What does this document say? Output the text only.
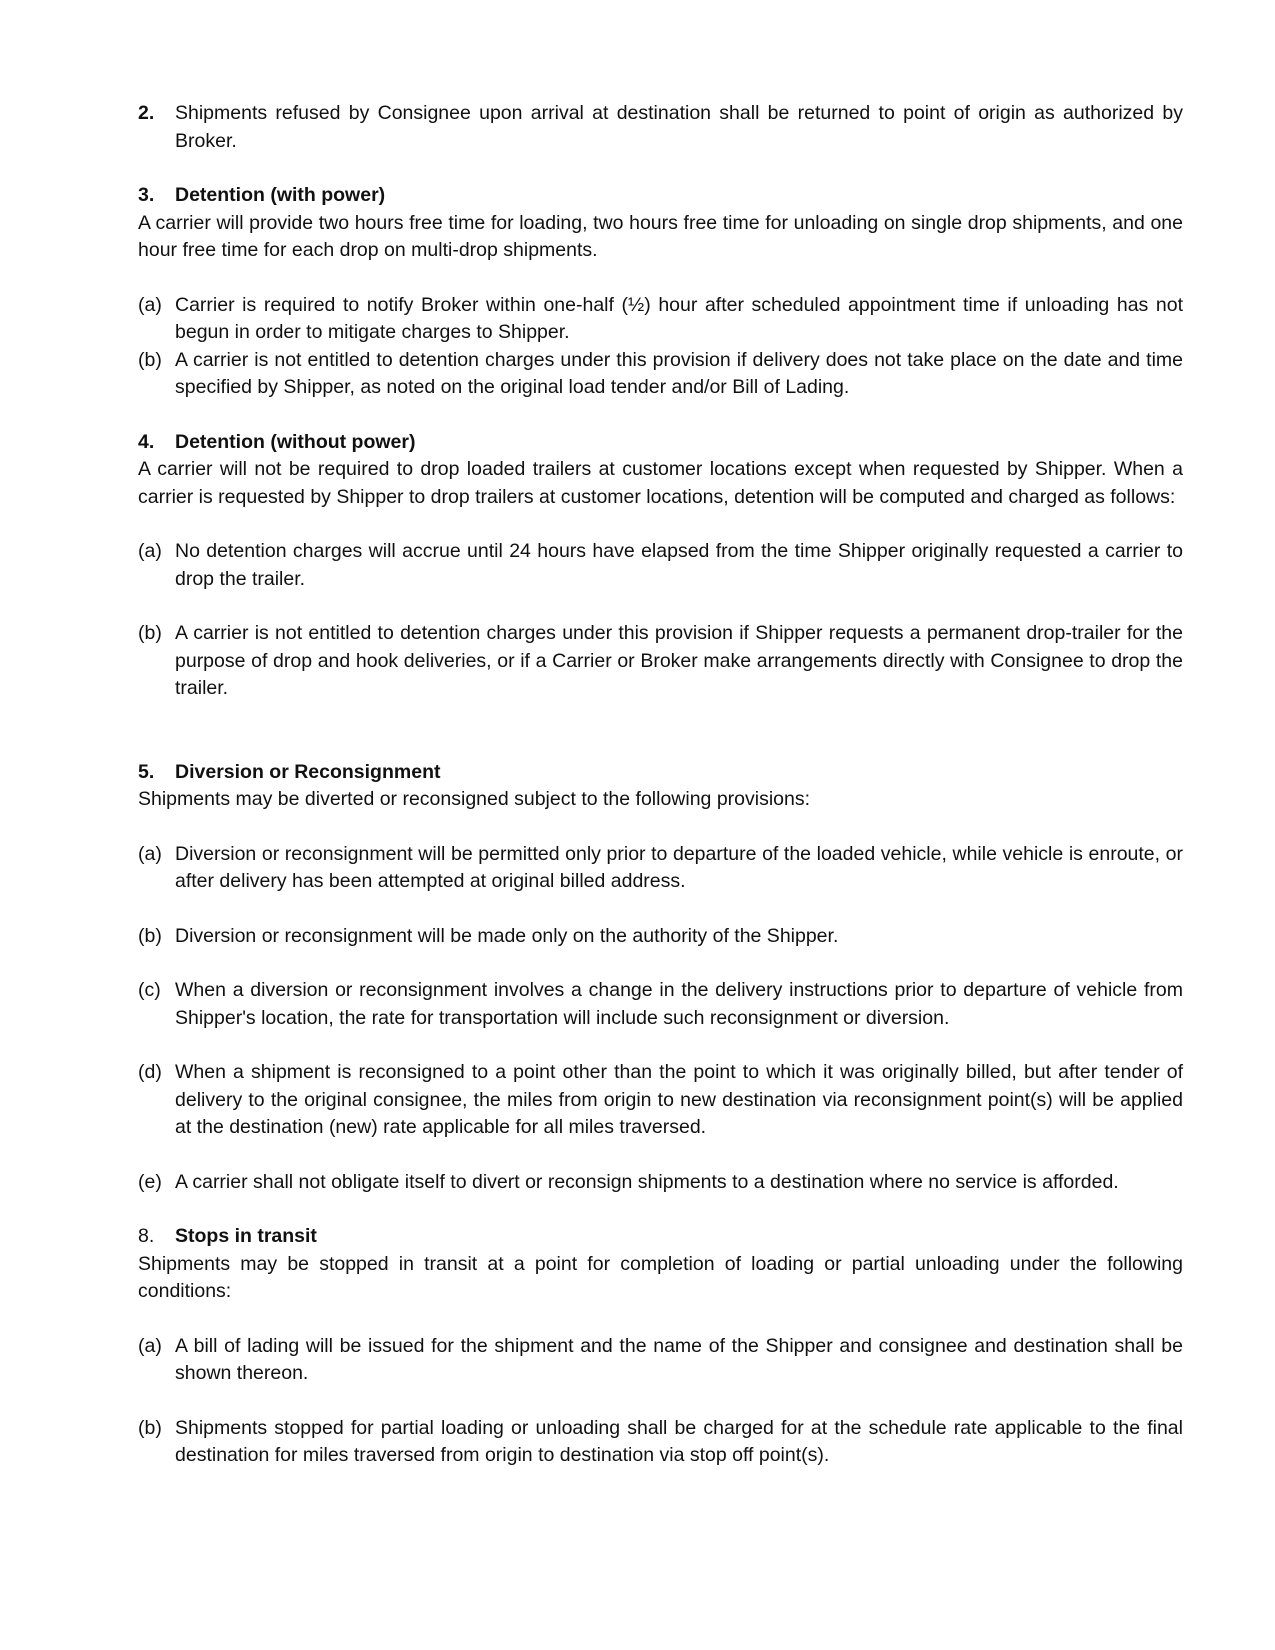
2.	Shipments refused by Consignee upon arrival at destination shall be returned to point of origin as authorized by Broker.
3.	Detention (with power)

A carrier will provide two hours free time for loading, two hours free time for unloading on single drop shipments, and one hour free time for each drop on multi-drop shipments.

(a) Carrier is required to notify Broker within one-half (½) hour after scheduled appointment time if unloading has not begun in order to mitigate charges to Shipper.
(b) A carrier is not entitled to detention charges under this provision if delivery does not take place on the date and time specified by Shipper, as noted on the original load tender and/or Bill of Lading.
4.	Detention (without power)

A carrier will not be required to drop loaded trailers at customer locations except when requested by Shipper. When a carrier is requested by Shipper to drop trailers at customer locations, detention will be computed and charged as follows:

(a) No detention charges will accrue until 24 hours have elapsed from the time Shipper originally requested a carrier to drop the trailer.
(b) A carrier is not entitled to detention charges under this provision if Shipper requests a permanent drop-trailer for the purpose of drop and hook deliveries, or if a Carrier or Broker make arrangements directly with Consignee to drop the trailer.
5.	Diversion or Reconsignment

Shipments may be diverted or reconsigned subject to the following provisions:

(a) Diversion or reconsignment will be permitted only prior to departure of the loaded vehicle, while vehicle is enroute, or after delivery has been attempted at original billed address.
(b) Diversion or reconsignment will be made only on the authority of the Shipper.
(c) When a diversion or reconsignment involves a change in the delivery instructions prior to departure of vehicle from Shipper's location, the rate for transportation will include such reconsignment or diversion.
(d) When a shipment is reconsigned to a point other than the point to which it was originally billed, but after tender of delivery to the original consignee, the miles from origin to new destination via reconsignment point(s) will be applied at the destination (new) rate applicable for all miles traversed.
(e) A carrier shall not obligate itself to divert or reconsign shipments to a destination where no service is afforded.
8.	Stops in transit

Shipments may be stopped in transit at a point for completion of loading or partial unloading under the following conditions:

(a) A bill of lading will be issued for the shipment and the name of the Shipper and consignee and destination shall be shown thereon.
(b) Shipments stopped for partial loading or unloading shall be charged for at the schedule rate applicable to the final destination for miles traversed from origin to destination via stop off point(s).
